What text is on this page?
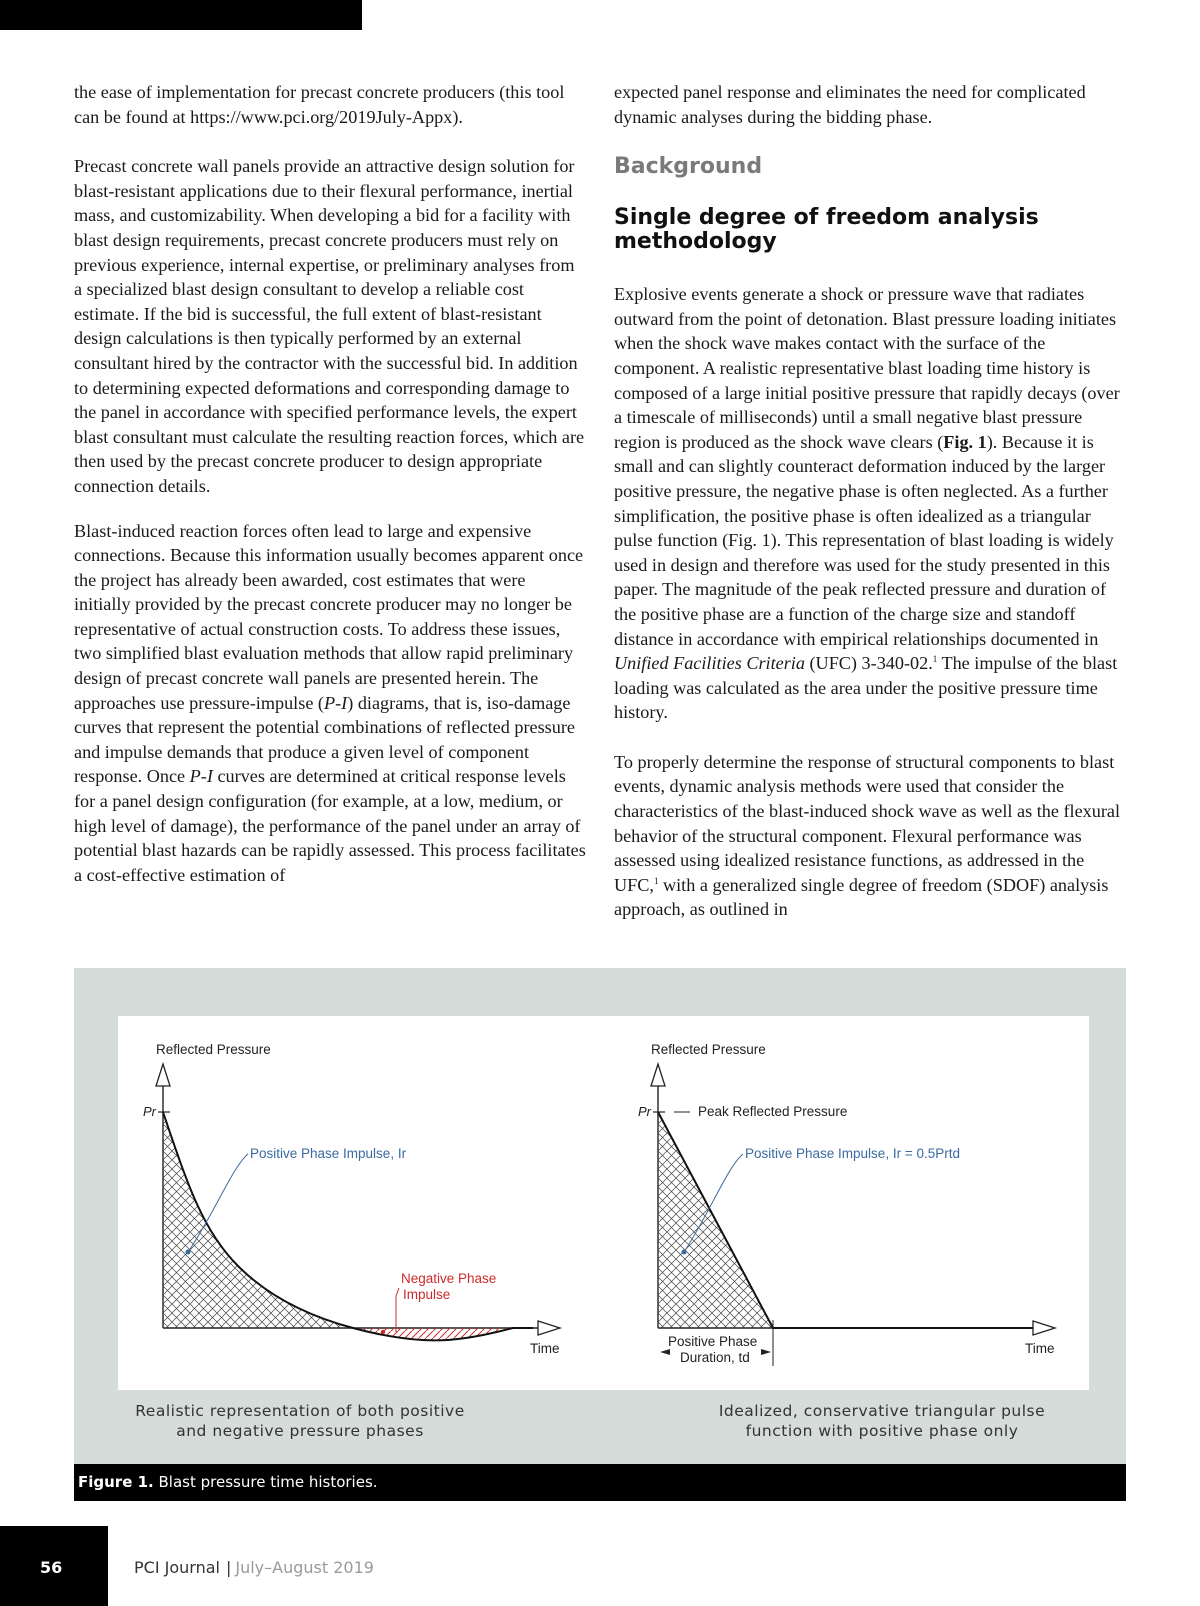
the ease of implementation for precast concrete producers (this tool can be found at https://www.pci.org/2019July-Appx).

Precast concrete wall panels provide an attractive design solution for blast-resistant applications due to their flexural performance, inertial mass, and customizability. When developing a bid for a facility with blast design requirements, precast concrete producers must rely on previous experience, internal expertise, or preliminary analyses from a specialized blast design consultant to develop a reliable cost estimate. If the bid is successful, the full extent of blast-resistant design calculations is then typically performed by an external consultant hired by the contractor with the successful bid. In addition to determining expected deformations and corresponding damage to the panel in accordance with specified performance levels, the expert blast consultant must calculate the resulting reaction forces, which are then used by the precast concrete producer to design appropriate connection details.

Blast-induced reaction forces often lead to large and expensive connections. Because this information usually becomes apparent once the project has already been awarded, cost estimates that were initially provided by the precast concrete producer may no longer be representative of actual construction costs. To address these issues, two simplified blast evaluation methods that allow rapid preliminary design of precast concrete wall panels are presented herein. The approaches use pressure-impulse (P-I) diagrams, that is, iso-damage curves that represent the potential combinations of reflected pressure and impulse demands that produce a given level of component response. Once P-I curves are determined at critical response levels for a panel design configuration (for example, at a low, medium, or high level of damage), the performance of the panel under an array of potential blast hazards can be rapidly assessed. This process facilitates a cost-effective estimation of

expected panel response and eliminates the need for complicated dynamic analyses during the bidding phase.

Background
Single degree of freedom analysis methodology

Explosive events generate a shock or pressure wave that radiates outward from the point of detonation. Blast pressure loading initiates when the shock wave makes contact with the surface of the component. A realistic representative blast loading time history is composed of a large initial positive pressure that rapidly decays (over a timescale of milliseconds) until a small negative blast pressure region is produced as the shock wave clears (Fig. 1). Because it is small and can slightly counteract deformation induced by the larger positive pressure, the negative phase is often neglected. As a further simplification, the positive phase is often idealized as a triangular pulse function (Fig. 1). This representation of blast loading is widely used in design and therefore was used for the study presented in this paper. The magnitude of the peak reflected pressure and duration of the positive phase are a function of the charge size and standoff distance in accordance with empirical relationships documented in Unified Facilities Criteria (UFC) 3-340-02.$^1$ The impulse of the blast loading was calculated as the area under the positive pressure time history.

To properly determine the response of structural components to blast events, dynamic analysis methods were used that consider the characteristics of the blast-induced shock wave as well as the flexural behavior of the structural component. Flexural performance was assessed using idealized resistance functions, as addressed in the UFC,$^1$ with a generalized single degree of freedom (SDOF) analysis approach, as outlined in

Reflected Pressure
Pr
Positive Phase Impulse, Ir
Negative Phase
Impulse
Time
Reflected Pressure
Pr	Peak Reflected Pressure
Positive Phase Impulse, Ir = 0.5Prtd
Positive Phase
Duration, td
Time
Realistic representation of both positive
and negative pressure phases
Idealized, conservative triangular pulse
function with positive phase only
Figure 1. Blast pressure time histories.
56	PCI Journal | July–August 2019
